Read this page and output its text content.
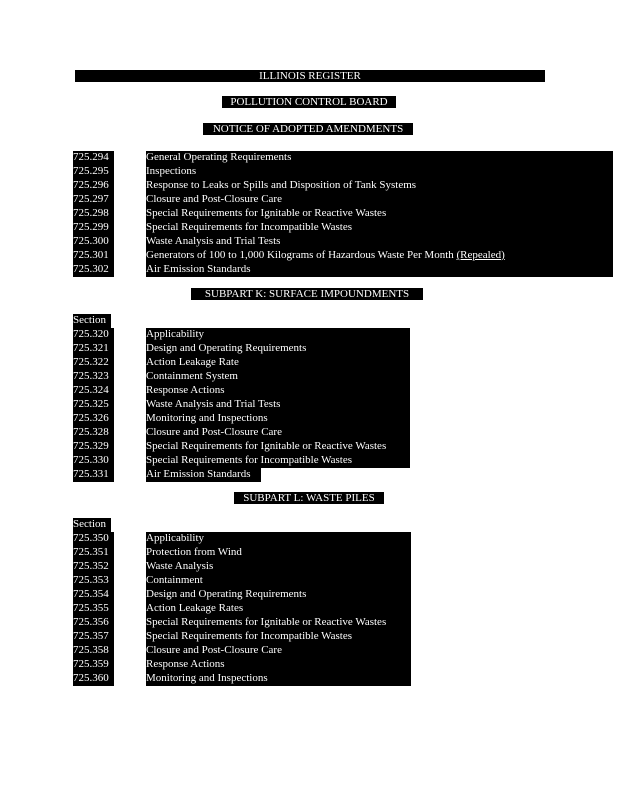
ILLINOIS REGISTER
POLLUTION CONTROL BOARD
NOTICE OF ADOPTED AMENDMENTS
725.294	General Operating Requirements
725.295	Inspections
725.296	Response to Leaks or Spills and Disposition of Tank Systems
725.297	Closure and Post-Closure Care
725.298	Special Requirements for Ignitable or Reactive Wastes
725.299	Special Requirements for Incompatible Wastes
725.300	Waste Analysis and Trial Tests
725.301	Generators of 100 to 1,000 Kilograms of Hazardous Waste Per Month (Repealed)
725.302	Air Emission Standards
SUBPART K: SURFACE IMPOUNDMENTS
Section
725.320	Applicability
725.321	Design and Operating Requirements
725.322	Action Leakage Rate
725.323	Containment System
725.324	Response Actions
725.325	Waste Analysis and Trial Tests
725.326	Monitoring and Inspections
725.328	Closure and Post-Closure Care
725.329	Special Requirements for Ignitable or Reactive Wastes
725.330	Special Requirements for Incompatible Wastes
725.331	Air Emission Standards
SUBPART L: WASTE PILES
Section
725.350	Applicability
725.351	Protection from Wind
725.352	Waste Analysis
725.353	Containment
725.354	Design and Operating Requirements
725.355	Action Leakage Rates
725.356	Special Requirements for Ignitable or Reactive Wastes
725.357	Special Requirements for Incompatible Wastes
725.358	Closure and Post-Closure Care
725.359	Response Actions
725.360	Monitoring and Inspections
